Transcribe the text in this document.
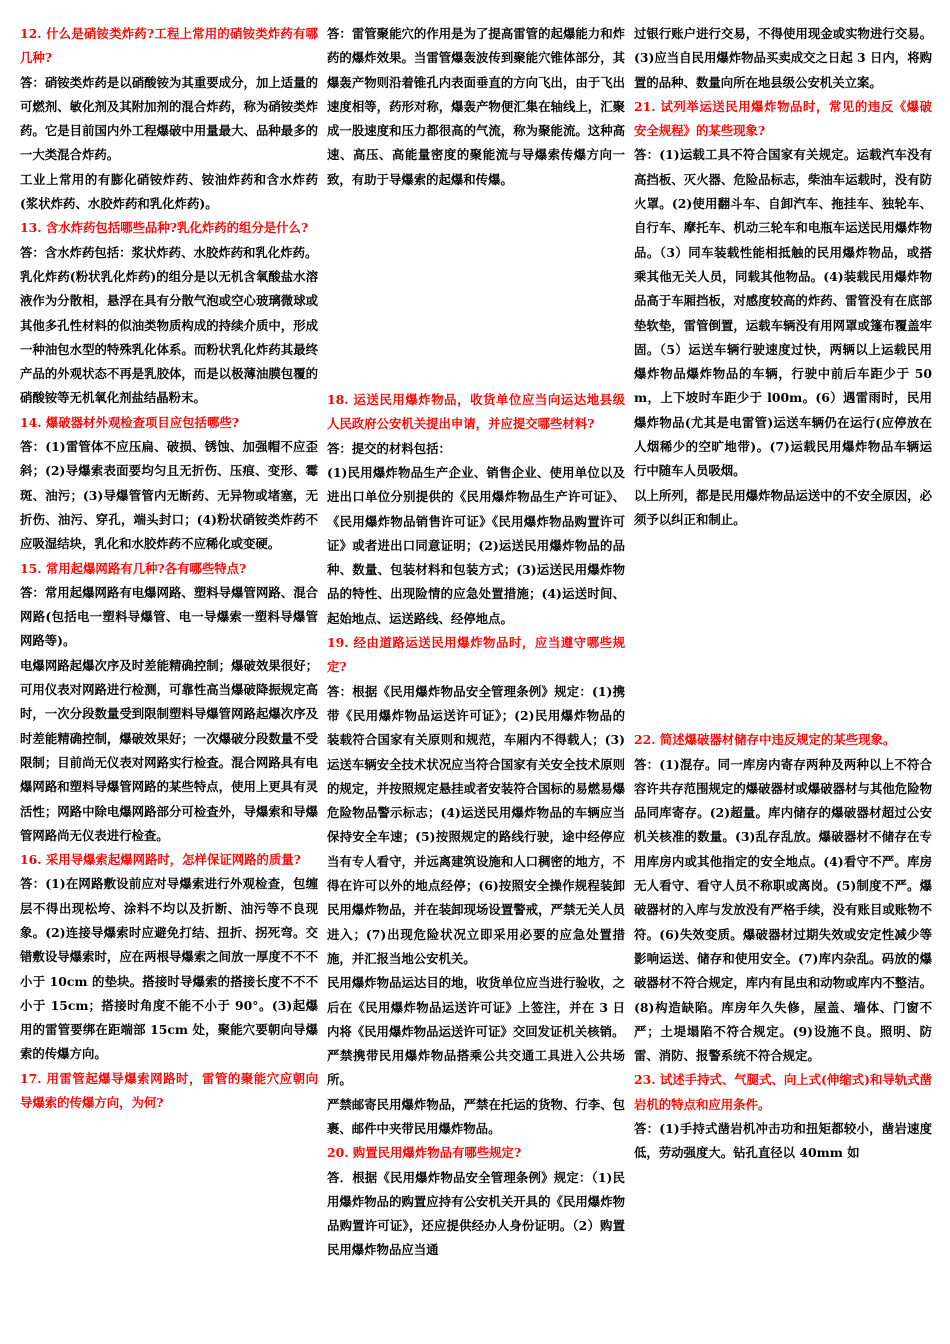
12. 什么是硝铵类炸药?工程上常用的硝铵类炸药有哪几种?

答：硝铵类炸药是以硝酸铵为其重要成分，加上适量的可燃剂、敏化剂及其附加剂的混合炸药，称为硝铵类炸药。它是目前国内外工程爆破中用量最大、品种最多的一大类混合炸药。

工业上常用的有膨化硝铵炸药、铵油炸药和含水炸药(浆状炸药、水胶炸药和乳化炸药)。

13. 含水炸药包括哪些品种?乳化炸药的组分是什么?

答：含水炸药包括：浆状炸药、水胶炸药和乳化炸药。

乳化炸药(粉状乳化炸药)的组分是以无机含氧酸盐水溶液作为分散相，悬浮在具有分散气泡或空心玻璃微球或其他多孔性材料的似油类物质构成的持续介质中，形成一种油包水型的特殊乳化体系。而粉状乳化炸药其最终产品的外观状态不再是乳胶体，而是以极薄油膜包覆的硝酸铵等无机氧化剂盐结晶粉末。

14. 爆破器材外观检查项目应包括哪些?

答：(1)雷管体不应压扁、破损、锈蚀、加强帽不应歪斜；(2)导爆索表面要均匀且无折伤、压痕、变形、霉斑、油污；(3)导爆管管内无断药、无异物或堵塞，无折伤、油污、穿孔，端头封口；(4)粉状硝铵类炸药不应吸湿结块，乳化和水胶炸药不应稀化或变硬。

15. 常用起爆网路有几种?各有哪些特点?

答：常用起爆网路有电爆网路、塑料导爆管网路、混合网路(包括电一塑料导爆管、电一导爆索一塑料导爆管网路等)。

电爆网路起爆次序及时差能精确控制；爆破效果很好；可用仪表对网路进行检测，可靠性高当爆破降振规定高时，一次分段数量受到限制塑料导爆管网路起爆次序及时差能精确控制，爆破效果好；一次爆破分段数量不受限制；目前尚无仪表对网路实行检查。混合网路具有电爆网路和塑料导爆管网路的某些特点，使用上更具有灵活性；网路中除电爆网路部分可检查外，导爆索和导爆管网路尚无仪表进行检查。

16. 采用导爆索起爆网路时，怎样保证网路的质量?

答：(1)在网路敷设前应对导爆索进行外观检查，包缠层不得出现松垮、涂料不均以及折断、油污等不良现象。(2)连接导爆索时应避免打结、扭折、拐死弯。交错敷设导爆索时，应在两根导爆索之间放一厚度不不不小于 10cm 的垫块。搭接时导爆索的搭接长度不不不小于 15cm；搭接时角度不能不小于 90°。(3)起爆用的雷管要绑在距端部 15cm 处，聚能穴要朝向导爆索的传爆方向。

17. 用雷管起爆导爆索网路时，雷管的聚能穴应朝向导爆索的传爆方向，为何?

答：雷管聚能穴的作用是为了提高雷管的起爆能力和炸药的爆炸效果。当雷管爆轰波传到聚能穴锥体部分，其爆轰产物则沿着锥孔内表面垂直的方向飞出，由于飞出速度相等，药形对称，爆轰产物便汇集在轴线上，汇聚成一股速度和压力都很高的气流，称为聚能流。这种高速、高压、高能量密度的聚能流与导爆索传爆方向一致，有助于导爆索的起爆和传爆。

18. 运送民用爆炸物品，收货单位应当向运达地县级人民政府公安机关提出申请，并应提交哪些材料?

答：提交的材料包括：

(1)民用爆炸物品生产企业、销售企业、使用单位以及进出口单位分别提供的《民用爆炸物品生产许可证》、《民用爆炸物品销售许可证》《民用爆炸物品购置许可证》或者进出口同意证明；(2)运送民用爆炸物品的品种、数量、包装材料和包装方式；(3)运送民用爆炸物品的特性、出现险情的应急处置措施；(4)运送时间、起始地点、运送路线、经停地点。

19. 经由道路运送民用爆炸物品时，应当遵守哪些规定?

答：根据《民用爆炸物品安全管理条例》规定：(1)携带《民用爆炸物品运送许可证》；(2)民用爆炸物品的装载符合国家有关原则和规范，车厢内不得载人；(3)运送车辆安全技术状况应当符合国家有关安全技术原则的规定，并按照规定悬挂或者安装符合国标的易燃易爆危险物品警示标志；(4)运送民用爆炸物品的车辆应当保持安全车速；(5)按照规定的路线行驶，途中经停应当有专人看守，并远离建筑设施和人口稠密的地方，不得在许可以外的地点经停；(6)按照安全操作规程装卸民用爆炸物品，并在装卸现场设置警戒，严禁无关人员进入；(7)出现危险状况立即采用必要的应急处置措施，并汇报当地公安机关。

民用爆炸物品运达目的地，收货单位应当进行验收，之后在《民用爆炸物品运送许可证》上签注，并在 3 日内将《民用爆炸物品运送许可证》交回发证机关核销。

严禁携带民用爆炸物品搭乘公共交通工具进入公共场所。

严禁邮寄民用爆炸物品，严禁在托运的货物、行李、包裹、邮件中夹带民用爆炸物品。

20. 购置民用爆炸物品有哪些规定?

答．根据《民用爆炸物品安全管理条例》规定：（1)民用爆炸物品的购置应持有公安机关开具的《民用爆炸物品购置许可证》，还应提供经办人身份证明。（2）购置民用爆炸物品应当通

过银行账户进行交易，不得使用现金或实物进行交易。(3)应当自民用爆炸物品买卖成交之日起 3 日内，将购置的品种、数量向所在地县级公安机关立案。

21. 试列举运送民用爆炸物品时，常见的违反《爆破安全规程》的某些现象?

答：(1)运载工具不符合国家有关规定。运载汽车没有高挡板、灭火器、危险品标志，柴油车运载时，没有防火罩。(2)使用翻斗车、自卸汽车、拖挂车、独轮车、自行车、摩托车、机动三轮车和电瓶车运送民用爆炸物品。（3）同车装载性能相抵触的民用爆炸物品，或搭乘其他无关人员，同载其他物品。(4)装载民用爆炸物品高于车厢挡板，对感度较高的炸药、雷管没有在底部垫软垫，雷管倒置，运载车辆没有用网罩或篷布覆盖牢固。（5）运送车辆行驶速度过快，两辆以上运载民用爆炸物品爆炸物品的车辆，行驶中前后车距少于 50m，上下坡时车距少于 l00m。(6）遇雷雨时，民用爆炸物品(尤其是电雷管)运送车辆仍在运行(应停放在人烟稀少的空旷地带)。(7)运载民用爆炸物品车辆运行中随车人员吸烟。

以上所列，都是民用爆炸物品运送中的不安全原因，必须予以纠正和制止。

22. 简述爆破器材储存中违反规定的某些现象。

答：(1)混存。同一库房内寄存两种及两种以上不符合容许共存范围规定的爆破器材或爆破器材与其他危险物品同库寄存。(2)超量。库内储存的爆破器材超过公安机关核准的数量。(3)乱存乱放。爆破器材不储存在专用库房内或其他指定的安全地点。(4)看守不严。库房无人看守、看守人员不称职或离岗。(5)制度不严。爆破器材的入库与发放没有严格手续，没有账目或账物不符。(6)失效变质。爆破器材过期失效或安定性减少等影响运送、储存和使用安全。(7)库内杂乱。码放的爆破器材不符合规定，库内有昆虫和动物或库内不整洁。(8)构造缺陷。库房年久失修，屋盖、墙体、门窗不严；土堤塌陷不符合规定。(9)设施不良。照明、防雷、消防、报警系统不符合规定。

23. 试述手持式、气腿式、向上式(伸缩式)和导轨式凿岩机的特点和应用条件。

答：(1)手持式凿岩机冲击功和扭矩都较小，凿岩速度低，劳动强度大。钻孔直径以 40mm 如
